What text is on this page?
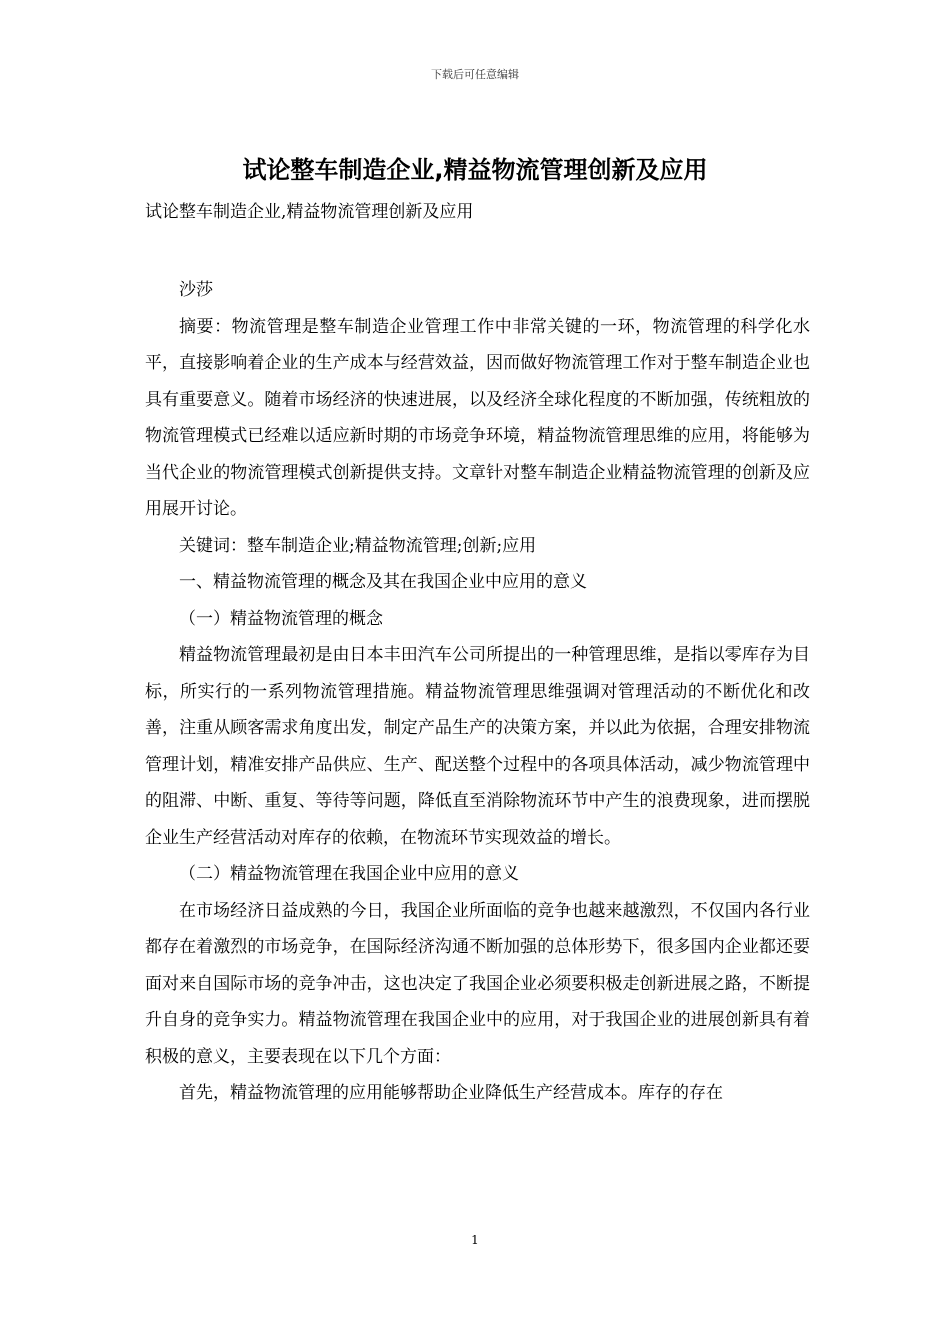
下载后可任意编辑
试论整车制造企业,精益物流管理创新及应用
试论整车制造企业,精益物流管理创新及应用

沙莎

摘要：物流管理是整车制造企业管理工作中非常关键的一环，物流管理的科学化水平，直接影响着企业的生产成本与经营效益，因而做好物流管理工作对于整车制造企业也具有重要意义。随着市场经济的快速进展，以及经济全球化程度的不断加强，传统粗放的物流管理模式已经难以适应新时期的市场竞争环境，精益物流管理思维的应用，将能够为当代企业的物流管理模式创新提供支持。文章针对整车制造企业精益物流管理的创新及应用展开讨论。

关键词：整车制造企业;精益物流管理;创新;应用

一、精益物流管理的概念及其在我国企业中应用的意义

（一）精益物流管理的概念

精益物流管理最初是由日本丰田汽车公司所提出的一种管理思维，是指以零库存为目标，所实行的一系列物流管理措施。精益物流管理思维强调对管理活动的不断优化和改善，注重从顾客需求角度出发，制定产品生产的决策方案，并以此为依据，合理安排物流管理计划，精准安排产品供应、生产、配送整个过程中的各项具体活动，减少物流管理中的阻滞、中断、重复、等待等问题，降低直至消除物流环节中产生的浪费现象，进而摆脱企业生产经营活动对库存的依赖，在物流环节实现效益的增长。

（二）精益物流管理在我国企业中应用的意义

在市场经济日益成熟的今日，我国企业所面临的竞争也越来越激烈，不仅国内各行业都存在着激烈的市场竞争，在国际经济沟通不断加强的总体形势下，很多国内企业都还要面对来自国际市场的竞争冲击，这也决定了我国企业必须要积极走创新进展之路，不断提升自身的竞争实力。精益物流管理在我国企业中的应用，对于我国企业的进展创新具有着积极的意义，主要表现在以下几个方面：

首先，精益物流管理的应用能够帮助企业降低生产经营成本。库存的存在

1
